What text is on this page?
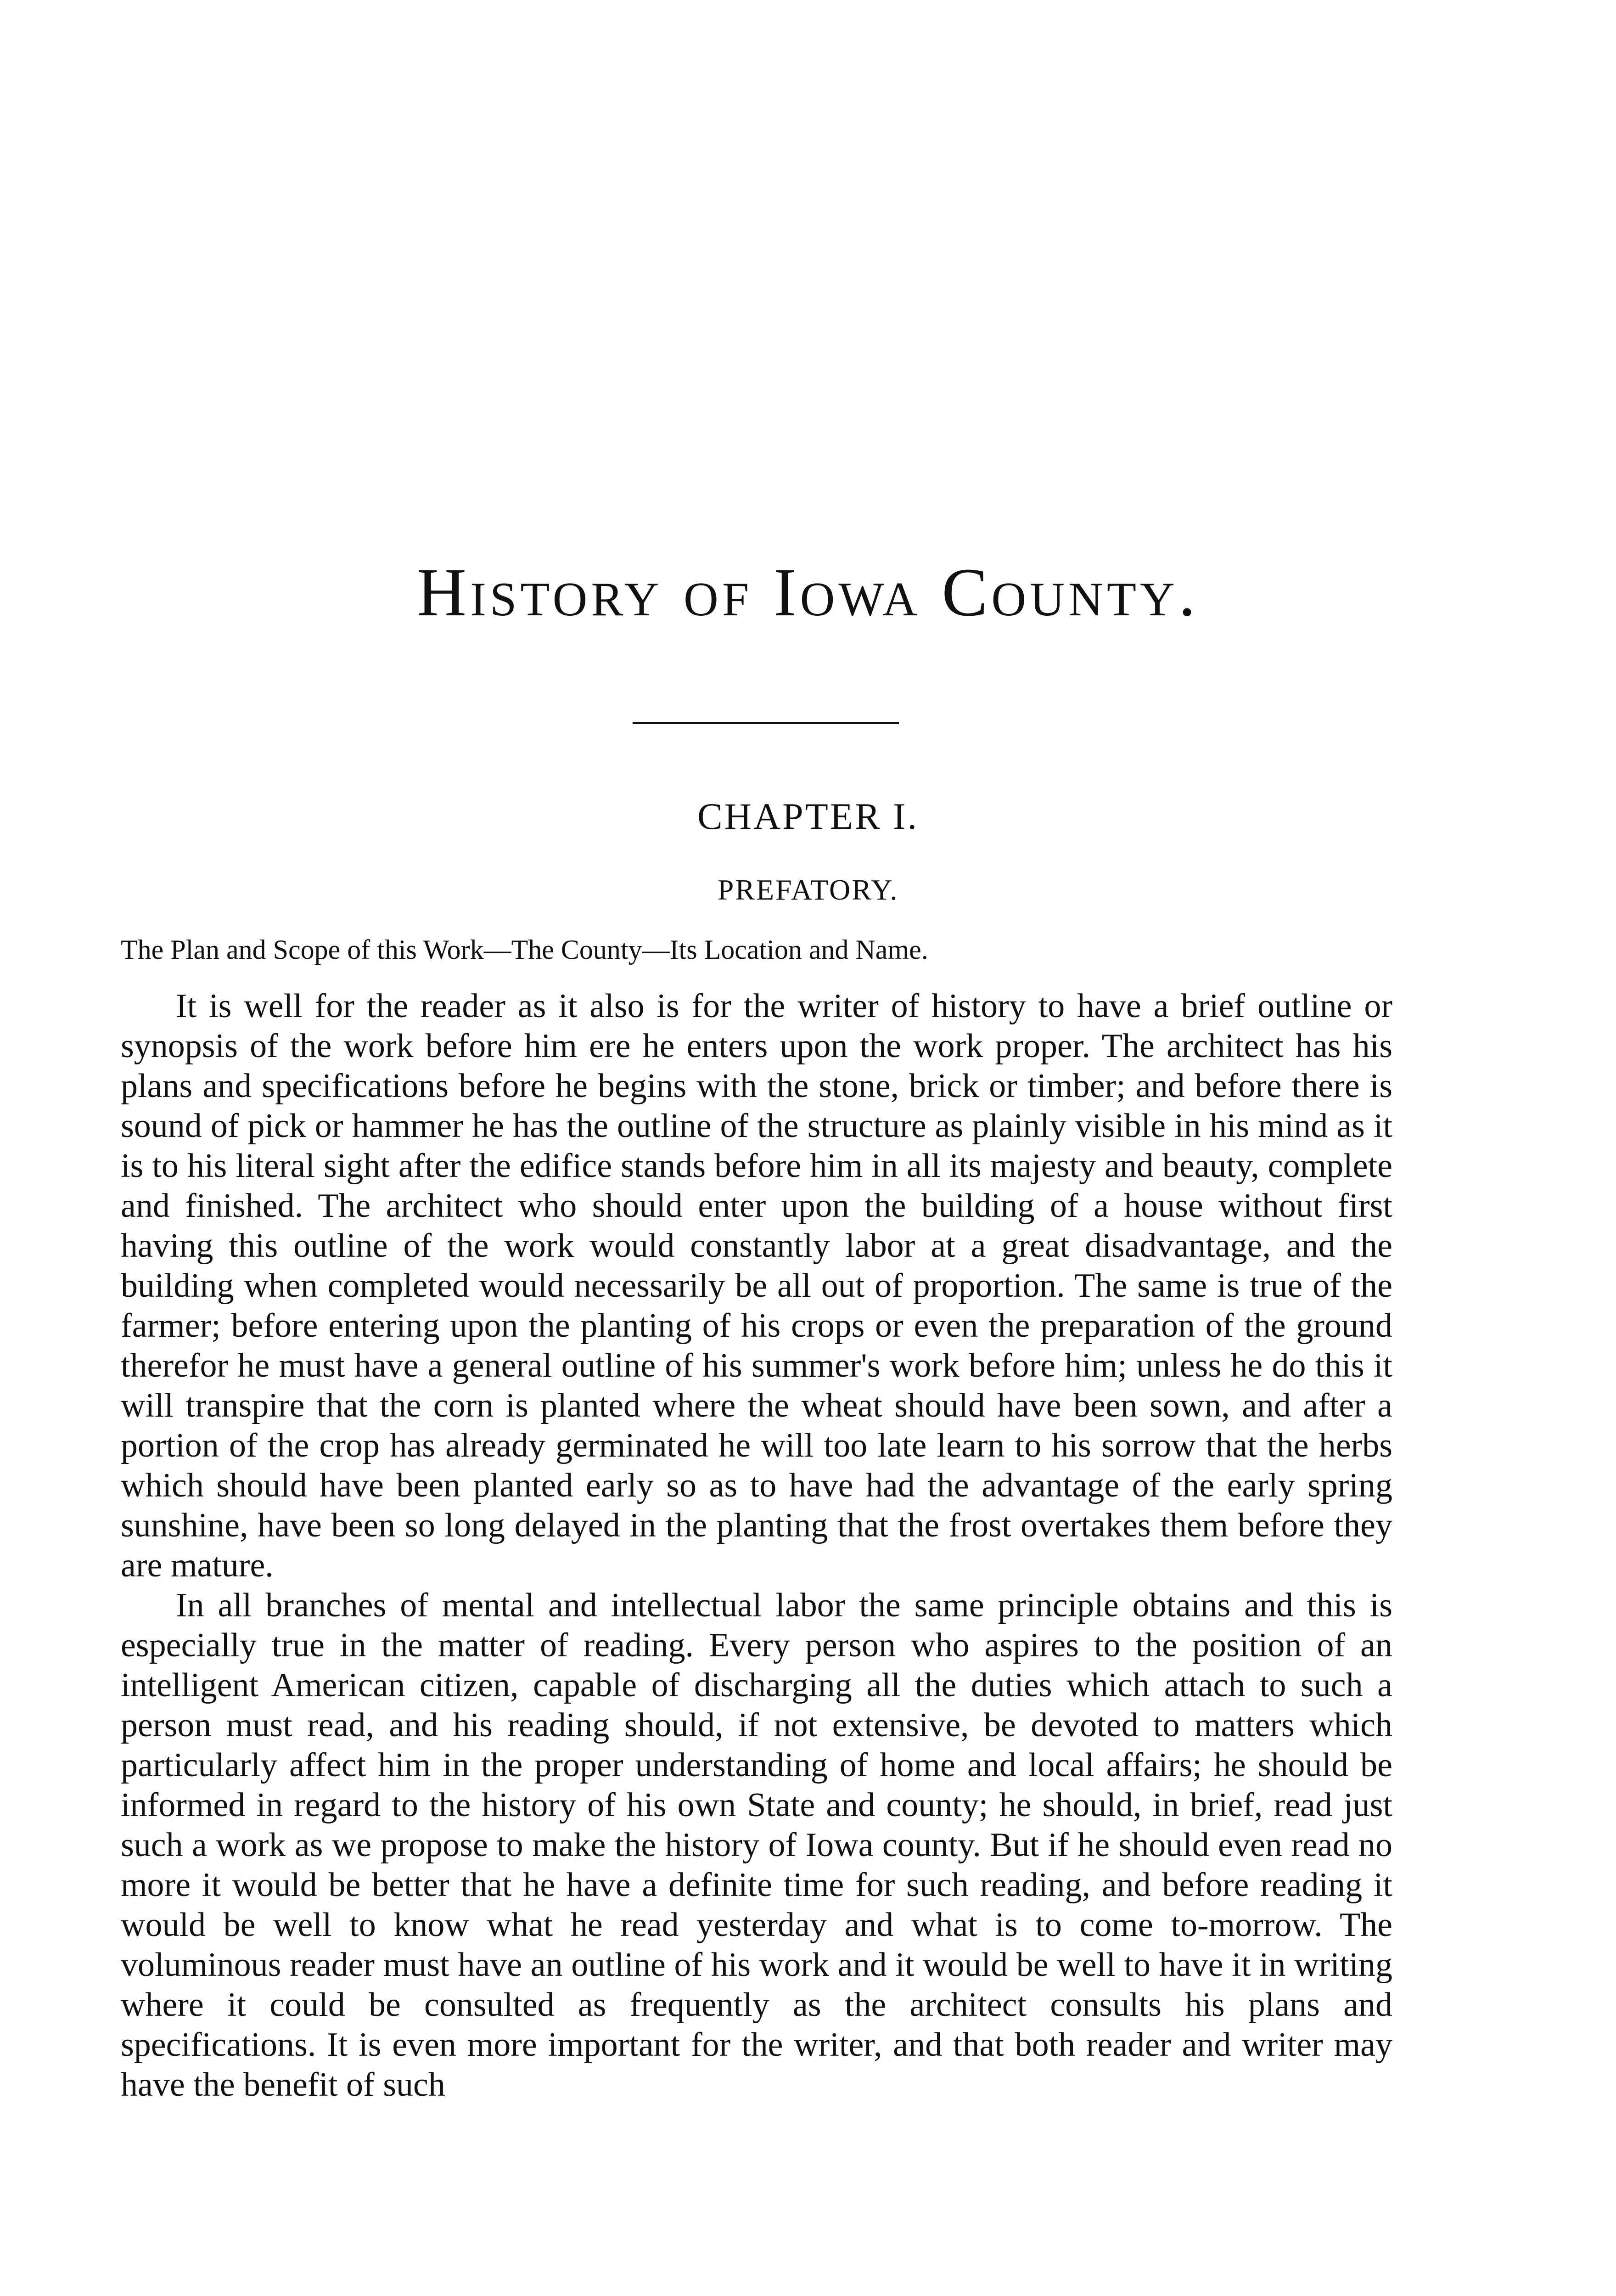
History of Iowa County.
CHAPTER I.
PREFATORY.
The Plan and Scope of this Work—The County—Its Location and Name.

It is well for the reader as it also is for the writer of history to have a brief outline or synopsis of the work before him ere he enters upon the work proper. The architect has his plans and specifications before he begins with the stone, brick or timber; and before there is sound of pick or hammer he has the outline of the structure as plainly visible in his mind as it is to his literal sight after the edifice stands before him in all its majesty and beauty, complete and finished. The architect who should enter upon the building of a house without first having this outline of the work would constantly labor at a great disadvantage, and the building when completed would necessarily be all out of proportion. The same is true of the farmer; before entering upon the planting of his crops or even the preparation of the ground therefor he must have a general outline of his summer's work before him; unless he do this it will transpire that the corn is planted where the wheat should have been sown, and after a portion of the crop has already germinated he will too late learn to his sorrow that the herbs which should have been planted early so as to have had the advantage of the early spring sunshine, have been so long delayed in the planting that the frost overtakes them before they are mature.

In all branches of mental and intellectual labor the same principle obtains and this is especially true in the matter of reading. Every person who aspires to the position of an intelligent American citizen, capable of discharging all the duties which attach to such a person must read, and his reading should, if not extensive, be devoted to matters which particularly affect him in the proper understanding of home and local affairs; he should be informed in regard to the history of his own State and county; he should, in brief, read just such a work as we propose to make the history of Iowa county. But if he should even read no more it would be better that he have a definite time for such reading, and before reading it would be well to know what he read yesterday and what is to come to-morrow. The voluminous reader must have an outline of his work and it would be well to have it in writing where it could be consulted as frequently as the architect consults his plans and specifications. It is even more important for the writer, and that both reader and writer may have the benefit of such
